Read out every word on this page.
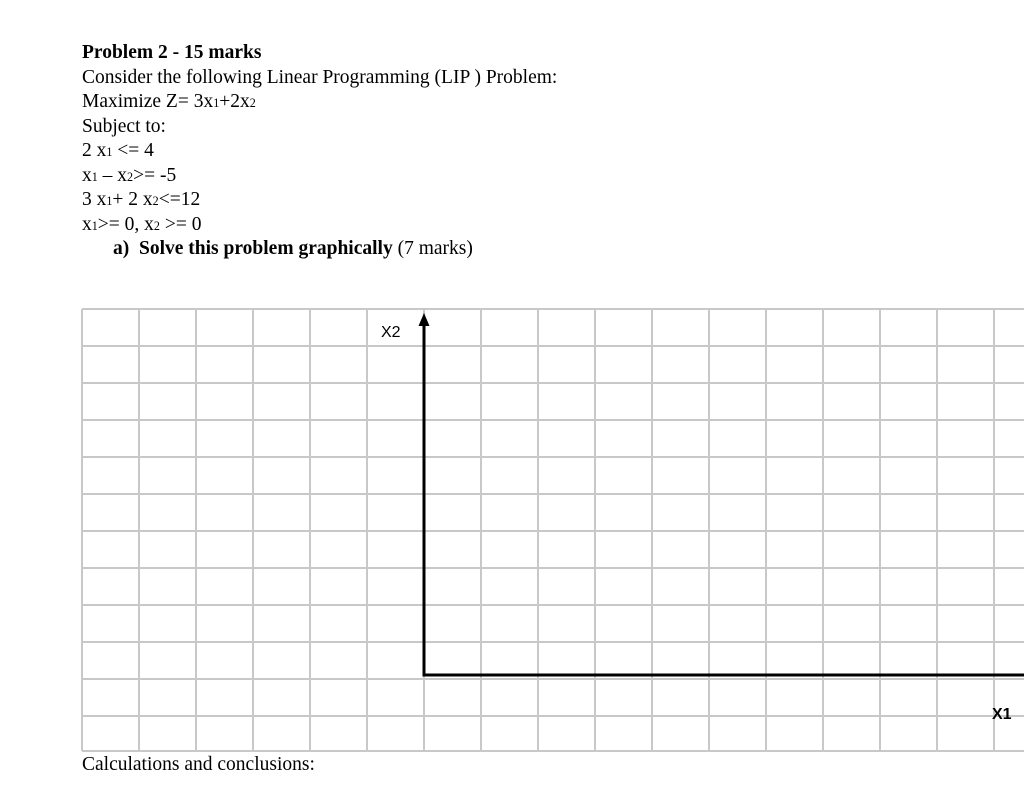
Problem 2 - 15 marks
Consider the following Linear Programming (LIP ) Problem:
Maximize Z= 3x1+2x2
Subject to:
2 x1 <= 4
x1 – x2>= -5
3 x1+ 2 x2<=12
x1>= 0, x2 >= 0
a) Solve this problem graphically (7 marks)
X2
X1
Calculations and conclusions:
